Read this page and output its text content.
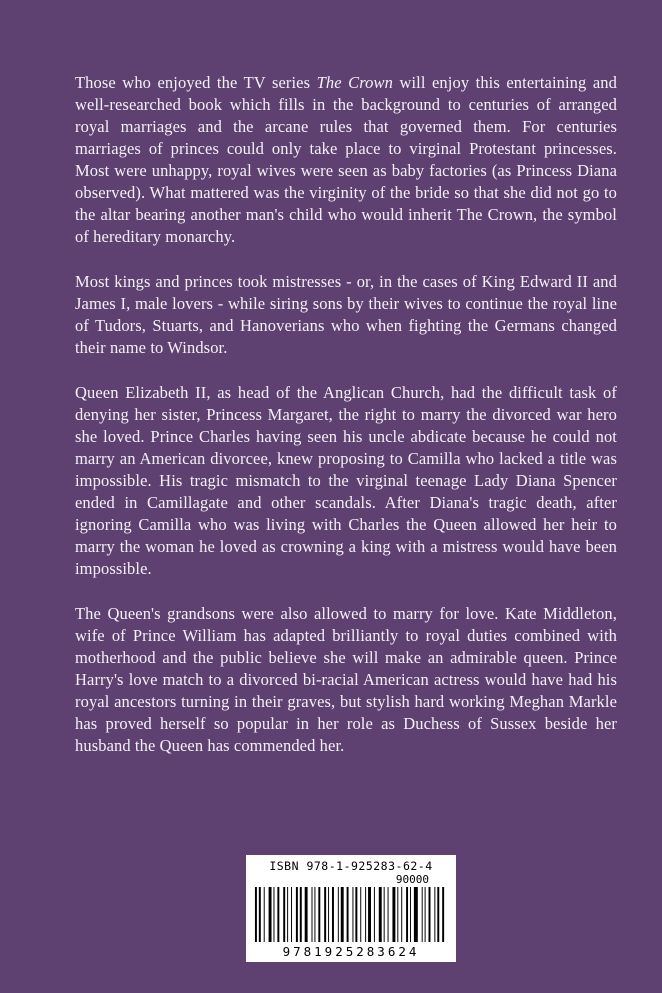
Those who enjoyed the TV series The Crown will enjoy this entertaining and well-researched book which fills in the background to centuries of arranged royal marriages and the arcane rules that governed them. For centuries marriages of princes could only take place to virginal Protestant princesses. Most were unhappy, royal wives were seen as baby factories (as Princess Diana observed). What mattered was the virginity of the bride so that she did not go to the altar bearing another man's child who would inherit The Crown, the symbol of hereditary monarchy.

Most kings and princes took mistresses - or, in the cases of King Edward II and James I, male lovers - while siring sons by their wives to continue the royal line of Tudors, Stuarts, and Hanoverians who when fighting the Germans changed their name to Windsor.

Queen Elizabeth II, as head of the Anglican Church, had the difficult task of denying her sister, Princess Margaret, the right to marry the divorced war hero she loved. Prince Charles having seen his uncle abdicate because he could not marry an American divorcee, knew proposing to Camilla who lacked a title was impossible. His tragic mismatch to the virginal teenage Lady Diana Spencer ended in Camillagate and other scandals. After Diana's tragic death, after ignoring Camilla who was living with Charles the Queen allowed her heir to marry the woman he loved as crowning a king with a mistress would have been impossible.

The Queen's grandsons were also allowed to marry for love. Kate Middleton, wife of Prince William has adapted brilliantly to royal duties combined with motherhood and the public believe she will make an admirable queen. Prince Harry's love match to a divorced bi-racial American actress would have had his royal ancestors turning in their graves, but stylish hard working Meghan Markle has proved herself so popular in her role as Duchess of Sussex beside her husband the Queen has commended her.

ISBN 978-1-925283-62-4
90000
9781925283624
